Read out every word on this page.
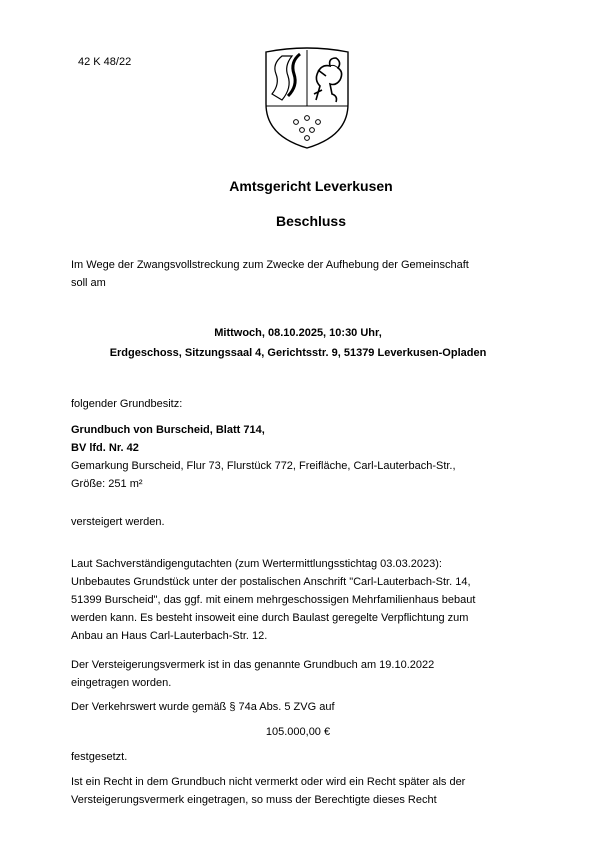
42 K 48/22
Amtsgericht Leverkusen
Beschluss
Im Wege der Zwangsvollstreckung zum Zwecke der Aufhebung der Gemeinschaft
soll am
Mittwoch, 08.10.2025, 10:30 Uhr,
Erdgeschoss, Sitzungssaal 4, Gerichtsstr. 9, 51379 Leverkusen-Opladen
folgender Grundbesitz:
Grundbuch von Burscheid, Blatt 714,
BV lfd. Nr. 42
Gemarkung Burscheid, Flur 73, Flurstück 772, Freifläche, Carl-Lauterbach-Str.,
Größe: 251 m²
versteigert werden.
Laut Sachverständigengutachten (zum Wertermittlungsstichtag 03.03.2023):
Unbebautes Grundstück unter der postalischen Anschrift "Carl-Lauterbach-Str. 14,
51399 Burscheid", das ggf. mit einem mehrgeschossigen Mehrfamilienhaus bebaut
werden kann. Es besteht insoweit eine durch Baulast geregelte Verpflichtung zum
Anbau an Haus Carl-Lauterbach-Str. 12.
Der Versteigerungsvermerk ist in das genannte Grundbuch am 19.10.2022
eingetragen worden.
Der Verkehrswert wurde gemäß § 74a Abs. 5 ZVG auf
105.000,00 €
festgesetzt.
Ist ein Recht in dem Grundbuch nicht vermerkt oder wird ein Recht später als der
Versteigerungsvermerk eingetragen, so muss der Berechtigte dieses Recht
